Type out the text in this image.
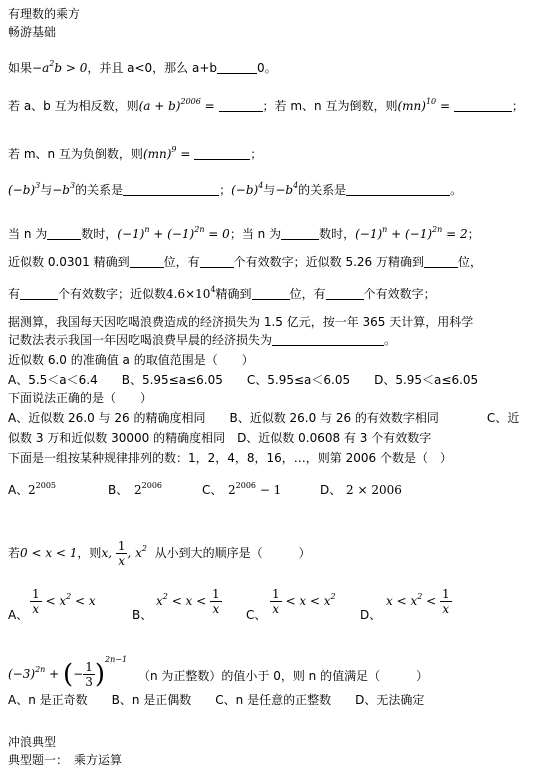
有理数的乘方
畅游基础
如果$-a^2b > 0$，并且 a<0，那么 a+b	0。
若 a、b 互为相反数，则$(a + b)^{2006}$ =	；若 m、n 互为倒数，则(mn)$^{10}$ =	；
若 m、n 互为负倒数，则(mn)$^9$ =	；
$(-b)^3$与$-b^3$的关系是	；$(-b)^4$与$-b^4$的关系是	。
当 n 为	数时，$(-1)^n + (-1)^{2n} = 0$；当 n 为	数时，$(-1)^n + (-1)^{2n} = 2$；
近似数 0.0301 精确到	位，有	个有效数字；近似数 5.26 万精确到	位，
有	个有效数字；近似数$4.6\times 10^4$精确到	位，有	个有效数字；
据测算，我国每天因吃喝浪费造成的经济损失为 1.5 亿元，按一年 365 天计算，用科学
记数法表示我国一年因吃喝浪费早晨的经济损失为	。
近似数 6.0 的准确值 a 的取值范围是（　　）
A、5.5＜a＜6.4　　B、5.95≤a≤6.05　　C、5.95≤a＜6.05　　D、5.95＜a≤6.05
下面说法正确的是（　　）
A、近似数 26.0 与 26 的精确度相同　　B、近似数 26.0 与 26 的有效数字相同　　　　C、近
似数 3 万和近似数 30000 的精确度相同　D、近似数 0.0608 有 3 个有效数字
下面是一组按某种规律排列的数：1，2，4，8，16，…，则第 2006 个数是（　）
A、$2^{2005}$	B、 $2^{2006}$	C、 $2^{2006} - 1$	D、 2 × 2006
若0 < x < 1，则x, $\frac{1}{x}$ , $x^2$ 从小到大的顺序是（　　　）
A、 $\frac{1}{x} < x^2$ < xB、$x^2 < x < \frac{1}{x}$ C、 $\frac{1}{x} < x < x^2D$、$x < x^2 < \frac{1}{x}$
$(-3)^{2n}$ + (− $\frac{1}{3} )^{2n-1}$
（n 为正整数）的值小于 0，则 n 的值满足（　　　）
A、n 是正奇数　　B、n 是正偶数　　C、n 是任意的正整数　　D、无法确定
冲浪典型
典型题一：　乘方运算
